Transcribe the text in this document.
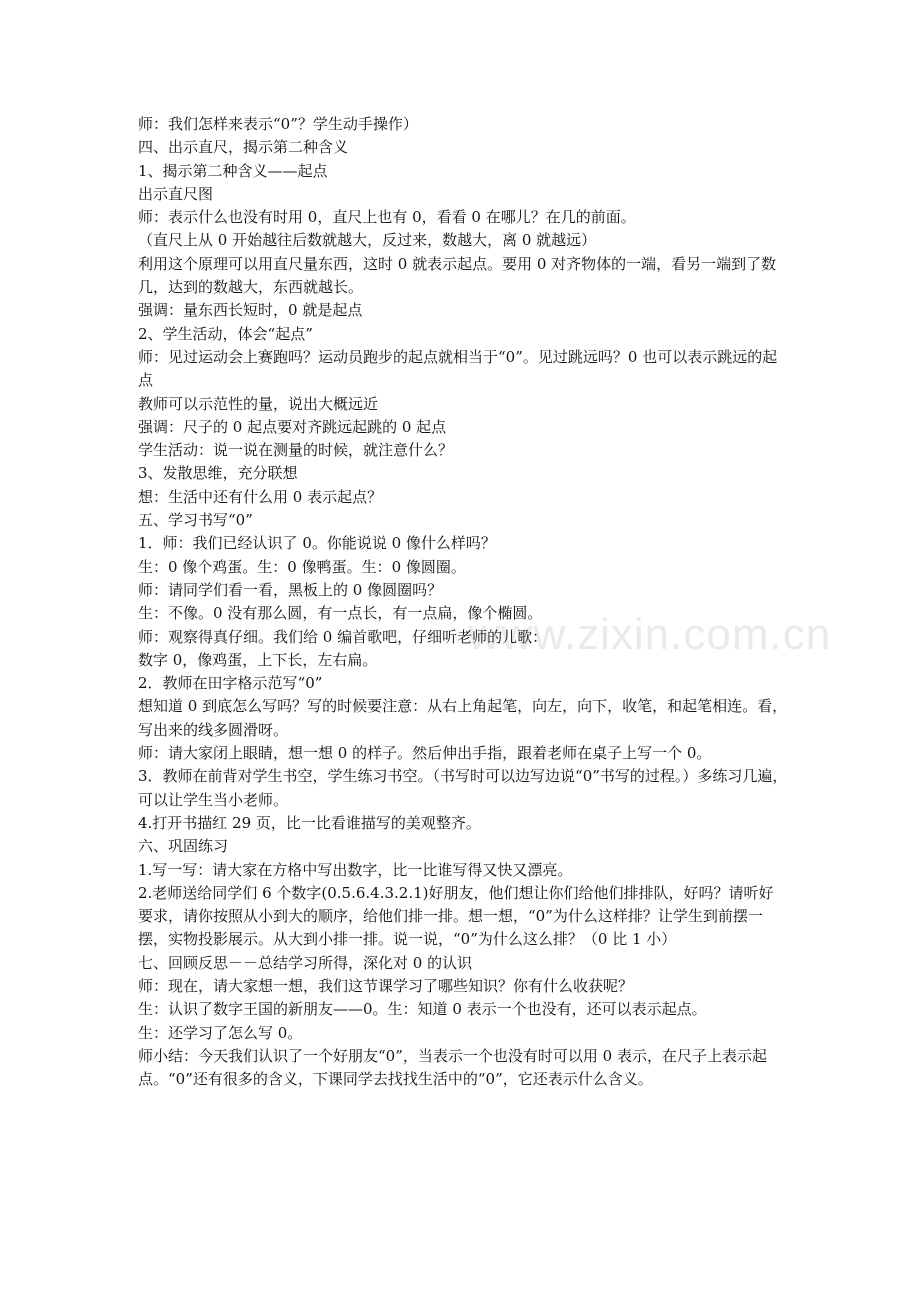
www.zixin.com.cn
师：我们怎样来表示“0”？学生动手操作）
四、出示直尺，揭示第二种含义
1、揭示第二种含义——起点
出示直尺图
师：表示什么也没有时用 0，直尺上也有 0，看看 0 在哪儿？在几的前面。
（直尺上从 0 开始越往后数就越大，反过来，数越大，离 0 就越远）
利用这个原理可以用直尺量东西，这时 0 就表示起点。要用 0 对齐物体的一端，看另一端到了数几，达到的数越大，东西就越长。
强调：量东西长短时，0 就是起点
2、学生活动，体会“起点”
师：见过运动会上赛跑吗？运动员跑步的起点就相当于“0”。见过跳远吗？0 也可以表示跳远的起点
教师可以示范性的量，说出大概远近
强调：尺子的 0 起点要对齐跳远起跳的 0 起点
学生活动：说一说在测量的时候，就注意什么？
3、发散思维，充分联想
想：生活中还有什么用 0 表示起点？
五、学习书写“0”
1．师：我们已经认识了 0。你能说说 0 像什么样吗？
生：0 像个鸡蛋。生：0 像鸭蛋。生：0 像圆圈。
师：请同学们看一看，黑板上的 0 像圆圈吗？
生：不像。0 没有那么圆，有一点长，有一点扁，像个椭圆。
师：观察得真仔细。我们给 0 编首歌吧，仔细听老师的儿歌：
数字 0，像鸡蛋，上下长，左右扁。
2．教师在田字格示范写“0”
想知道 0 到底怎么写吗？写的时候要注意：从右上角起笔，向左，向下，收笔，和起笔相连。看，写出来的线多圆滑呀。
师：请大家闭上眼睛，想一想 0 的样子。然后伸出手指，跟着老师在桌子上写一个 0。
3．教师在前背对学生书空，学生练习书空。（书写时可以边写边说“0”书写的过程。）多练习几遍，可以让学生当小老师。
4.打开书描红 29 页，比一比看谁描写的美观整齐。
六、巩固练习
1.写一写：请大家在方格中写出数字，比一比谁写得又快又漂亮。
2.老师送给同学们 6 个数字(0.5.6.4.3.2.1)好朋友，他们想让你们给他们排排队，好吗？请听好要求，请你按照从小到大的顺序，给他们排一排。想一想，“0”为什么这样排？让学生到前摆一摆，实物投影展示。从大到小排一排。说一说，“0”为什么这么排？（0 比 1 小）
七、回顾反思－－总结学习所得，深化对 0 的认识
师：现在，请大家想一想，我们这节课学习了哪些知识？你有什么收获呢？
生：认识了数字王国的新朋友——0。生：知道 0 表示一个也没有，还可以表示起点。
生：还学习了怎么写 0。
师小结：今天我们认识了一个好朋友“0”，当表示一个也没有时可以用 0 表示，在尺子上表示起点。“0”还有很多的含义，下课同学去找找生活中的“0”，它还表示什么含义。
